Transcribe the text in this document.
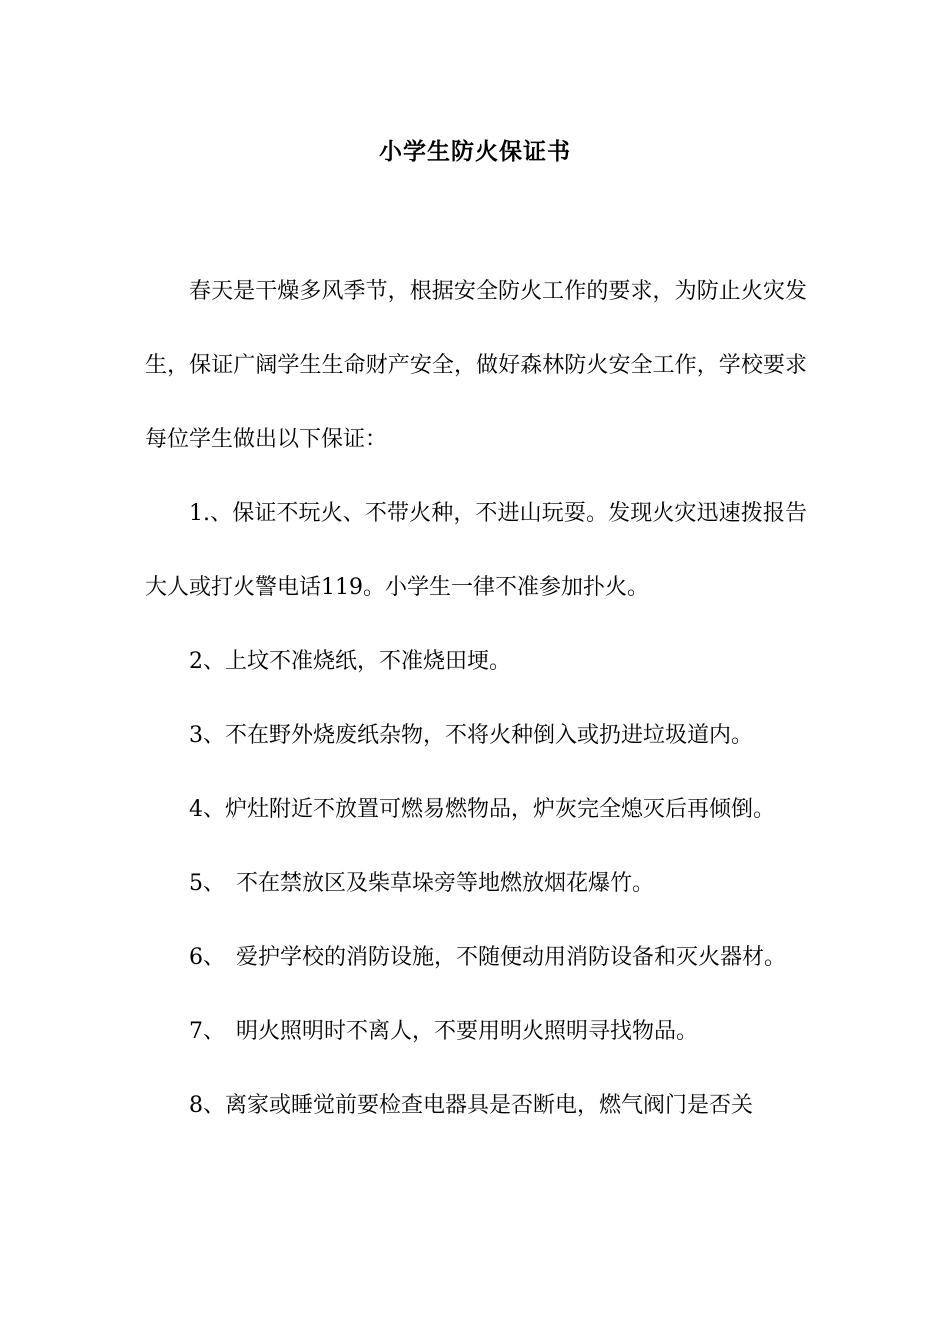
小学生防火保证书

春天是干燥多风季节，根据安全防火工作的要求，为防止火灾发生，保证广阔学生生命财产安全，做好森林防火安全工作，学校要求每位学生做出以下保证：

1.、保证不玩火、不带火种，不进山玩耍。发现火灾迅速拨报告大人或打火警电话119。小学生一律不准参加扑火。

2、上坟不准烧纸，不准烧田埂。

3、不在野外烧废纸杂物，不将火种倒入或扔进垃圾道内。

4、炉灶附近不放置可燃易燃物品，炉灰完全熄灭后再倾倒。

5、　不在禁放区及柴草垛旁等地燃放烟花爆竹。

6、　爱护学校的消防设施，不随便动用消防设备和灭火器材。

7、　明火照明时不离人，不要用明火照明寻找物品。

8、离家或睡觉前要检查电器具是否断电，燃气阀门是否关
